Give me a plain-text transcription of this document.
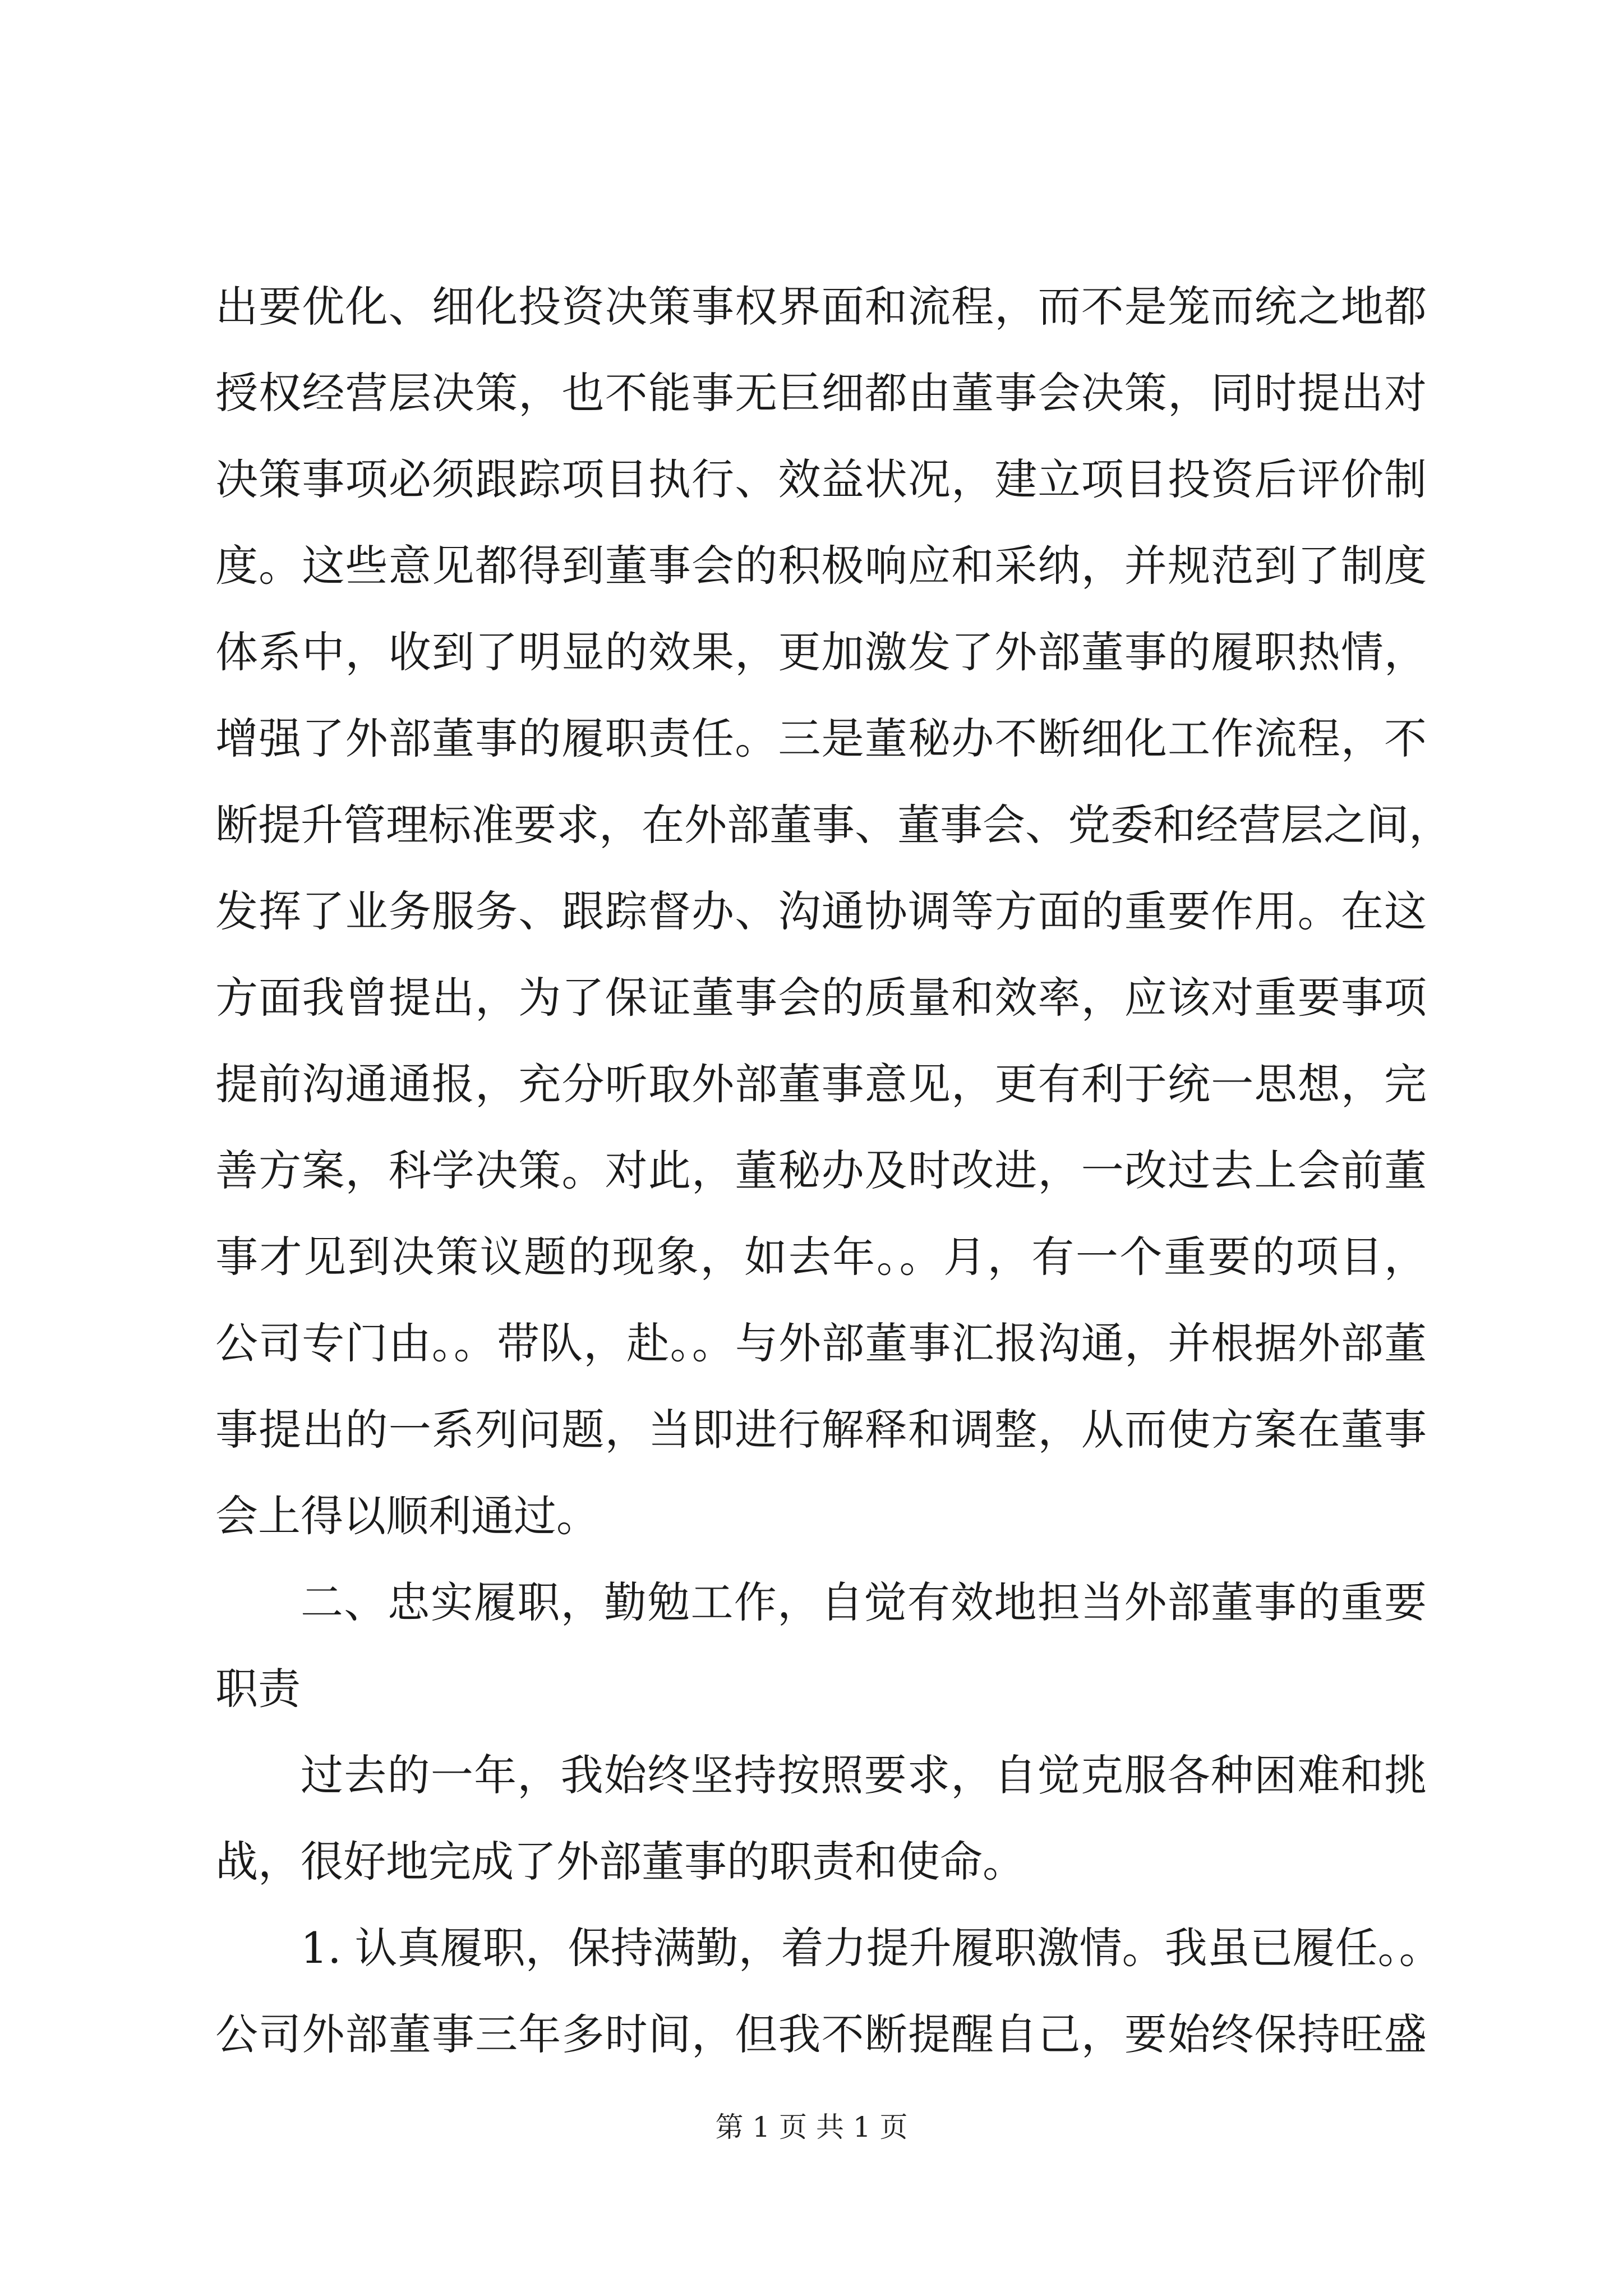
出要优化、细化投资决策事权界面和流程，而不是笼而统之地都
授权经营层决策，也不能事无巨细都由董事会决策，同时提出对
决策事项必须跟踪项目执行、效益状况，建立项目投资后评价制
度。这些意见都得到董事会的积极响应和采纳，并规范到了制度
体系中，收到了明显的效果，更加激发了外部董事的履职热情，
增强了外部董事的履职责任。三是董秘办不断细化工作流程，不
断提升管理标准要求，在外部董事、董事会、党委和经营层之间，
发挥了业务服务、跟踪督办、沟通协调等方面的重要作用。在这
方面我曾提出，为了保证董事会的质量和效率，应该对重要事项
提前沟通通报，充分听取外部董事意见，更有利于统一思想，完
善方案，科学决策。对此，董秘办及时改进，一改过去上会前董
事才见到决策议题的现象，如去年。。月，有一个重要的项目，
公司专门由。。带队，赴。。与外部董事汇报沟通，并根据外部董
事提出的一系列问题，当即进行解释和调整，从而使方案在董事
会上得以顺利通过。
二、忠实履职，勤勉工作，自觉有效地担当外部董事的重要
职责
过去的一年，我始终坚持按照要求，自觉克服各种困难和挑
战，很好地完成了外部董事的职责和使命。
1. 认真履职，保持满勤，着力提升履职激情。我虽已履任。。
公司外部董事三年多时间，但我不断提醒自己，要始终保持旺盛
第 1 页 共 1 页
